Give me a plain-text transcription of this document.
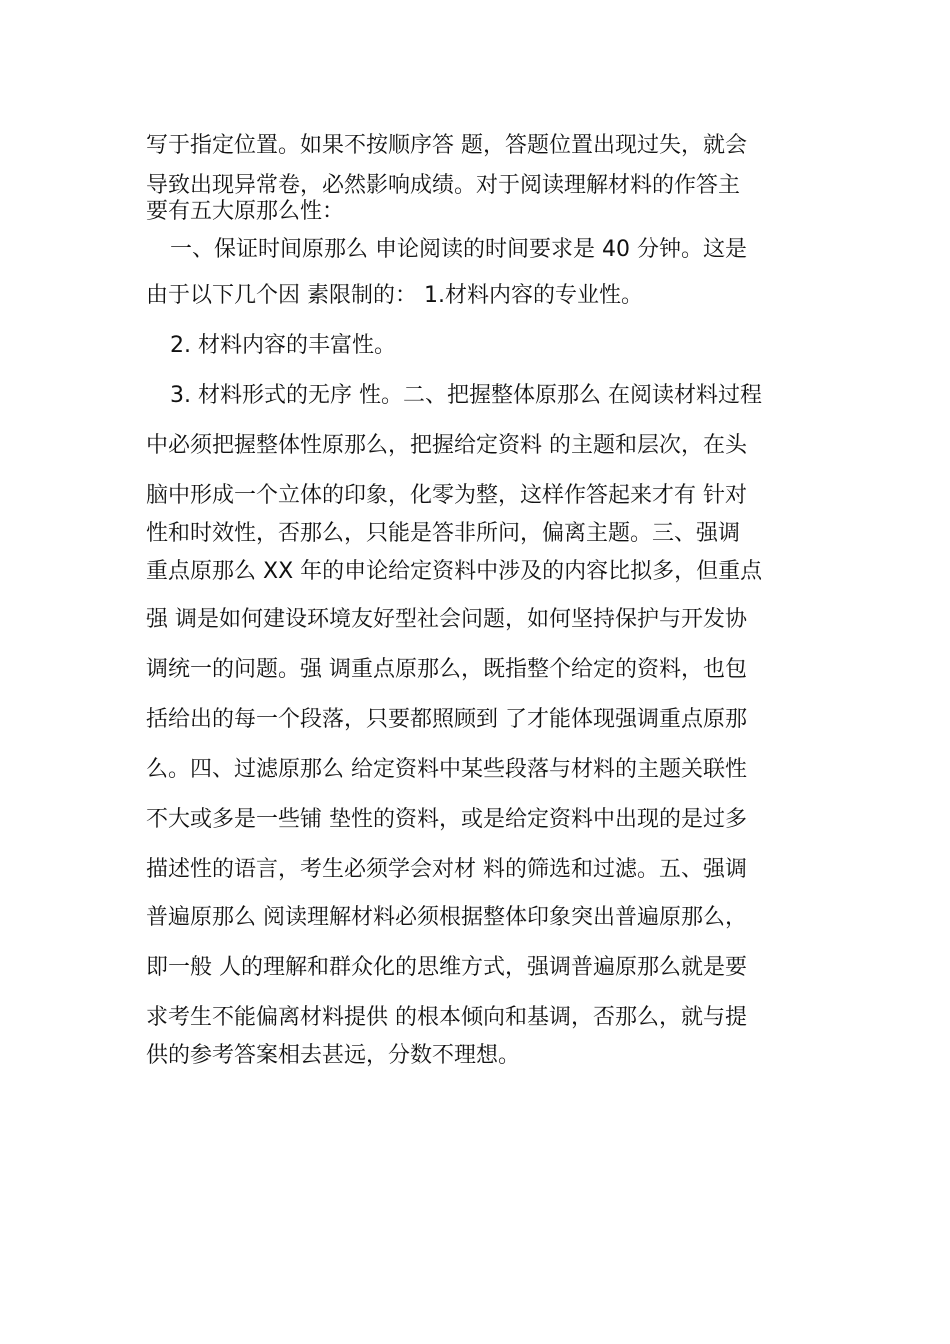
写于指定位置。如果不按顺序答 题，答题位置出现过失，就会
导致出现异常卷，必然影响成绩。对于阅读理解材料的作答主
要有五大原那么性：
一、保证时间原那么 申论阅读的时间要求是 40 分钟。这是
由于以下几个因 素限制的： 1.材料内容的专业性。
2. 材料内容的丰富性。
3. 材料形式的无序 性。二、把握整体原那么 在阅读材料过程
中必须把握整体性原那么，把握给定资料 的主题和层次，在头
脑中形成一个立体的印象，化零为整，这样作答起来才有 针对
性和时效性，否那么，只能是答非所问，偏离主题。三、强调
重点原那么 XX 年的申论给定资料中涉及的内容比拟多，但重点
强 调是如何建设环境友好型社会问题，如何坚持保护与开发协
调统一的问题。强 调重点原那么，既指整个给定的资料，也包
括给出的每一个段落，只要都照顾到 了才能体现强调重点原那
么。四、过滤原那么 给定资料中某些段落与材料的主题关联性
不大或多是一些铺 垫性的资料，或是给定资料中出现的是过多
描述性的语言，考生必须学会对材 料的筛选和过滤。五、强调
普遍原那么 阅读理解材料必须根据整体印象突出普遍原那么，
即一般 人的理解和群众化的思维方式，强调普遍原那么就是要
求考生不能偏离材料提供 的根本倾向和基调，否那么，就与提
供的参考答案相去甚远，分数不理想。
